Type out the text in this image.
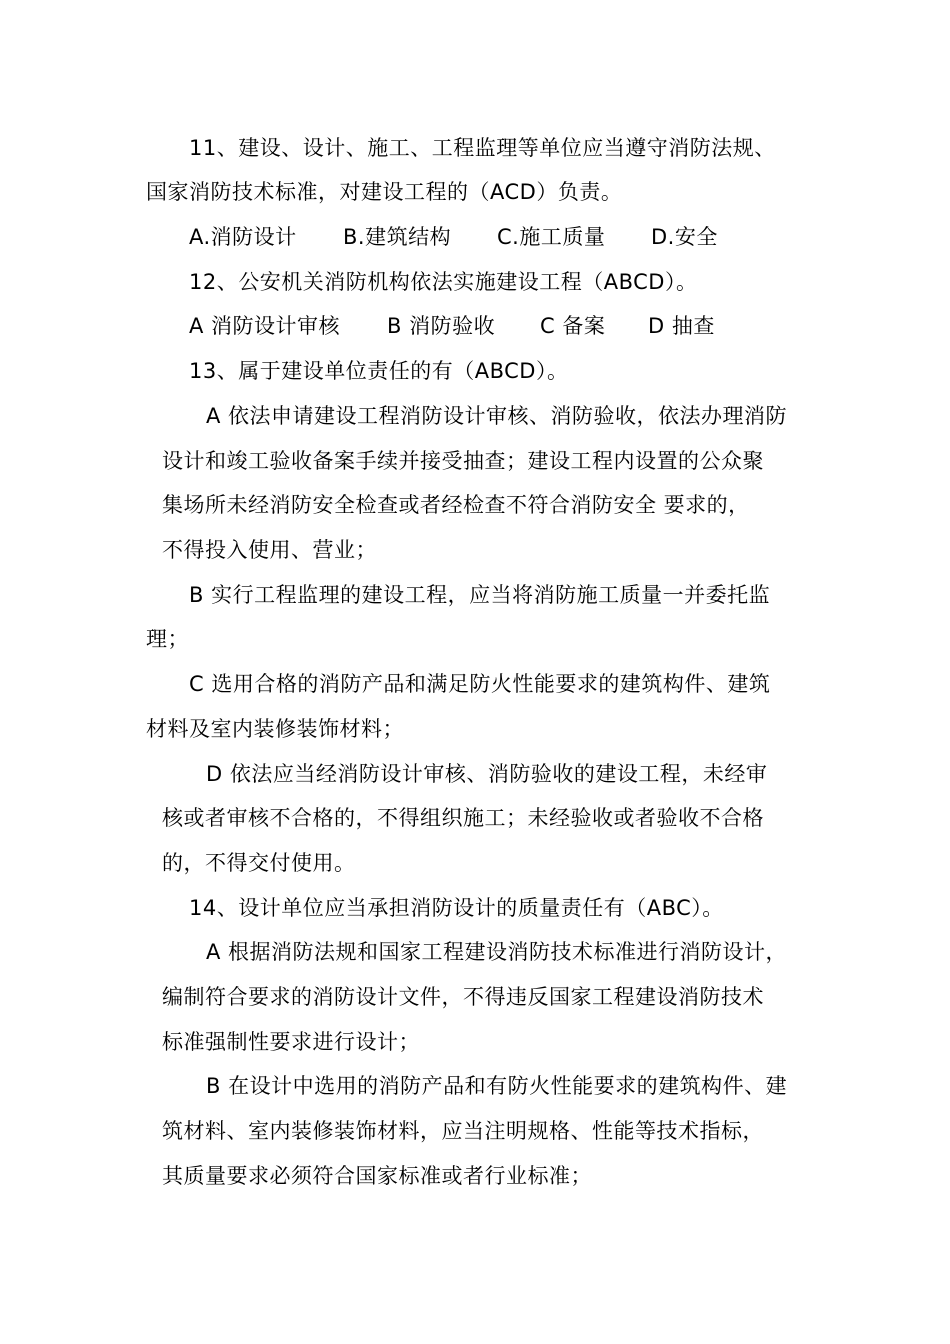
11、建设、设计、施工、工程监理等单位应当遵守消防法规、
国家消防技术标准，对建设工程的（ACD）负责。
A.消防设计 B.建筑结构 C.施工质量 D.安全
12、公安机关消防机构依法实施建设工程（ABCD）。
A 消防设计审核 B 消防验收 C 备案 D 抽查
13、属于建设单位责任的有（ABCD）。
A 依法申请建设工程消防设计审核、消防验收，依法办理消防
设计和竣工验收备案手续并接受抽查；建设工程内设置的公众聚
集场所未经消防安全检查或者经检查不符合消防安全 要求的，
不得投入使用、营业；
B 实行工程监理的建设工程，应当将消防施工质量一并委托监
理；
C 选用合格的消防产品和满足防火性能要求的建筑构件、建筑
材料及室内装修装饰材料；
D 依法应当经消防设计审核、消防验收的建设工程，未经审
核或者审核不合格的，不得组织施工；未经验收或者验收不合格
的，不得交付使用。
14、设计单位应当承担消防设计的质量责任有（ABC）。
A 根据消防法规和国家工程建设消防技术标准进行消防设计，
编制符合要求的消防设计文件，不得违反国家工程建设消防技术
标准强制性要求进行设计；
B 在设计中选用的消防产品和有防火性能要求的建筑构件、建
筑材料、室内装修装饰材料，应当注明规格、性能等技术指标，
其质量要求必须符合国家标准或者行业标准；
